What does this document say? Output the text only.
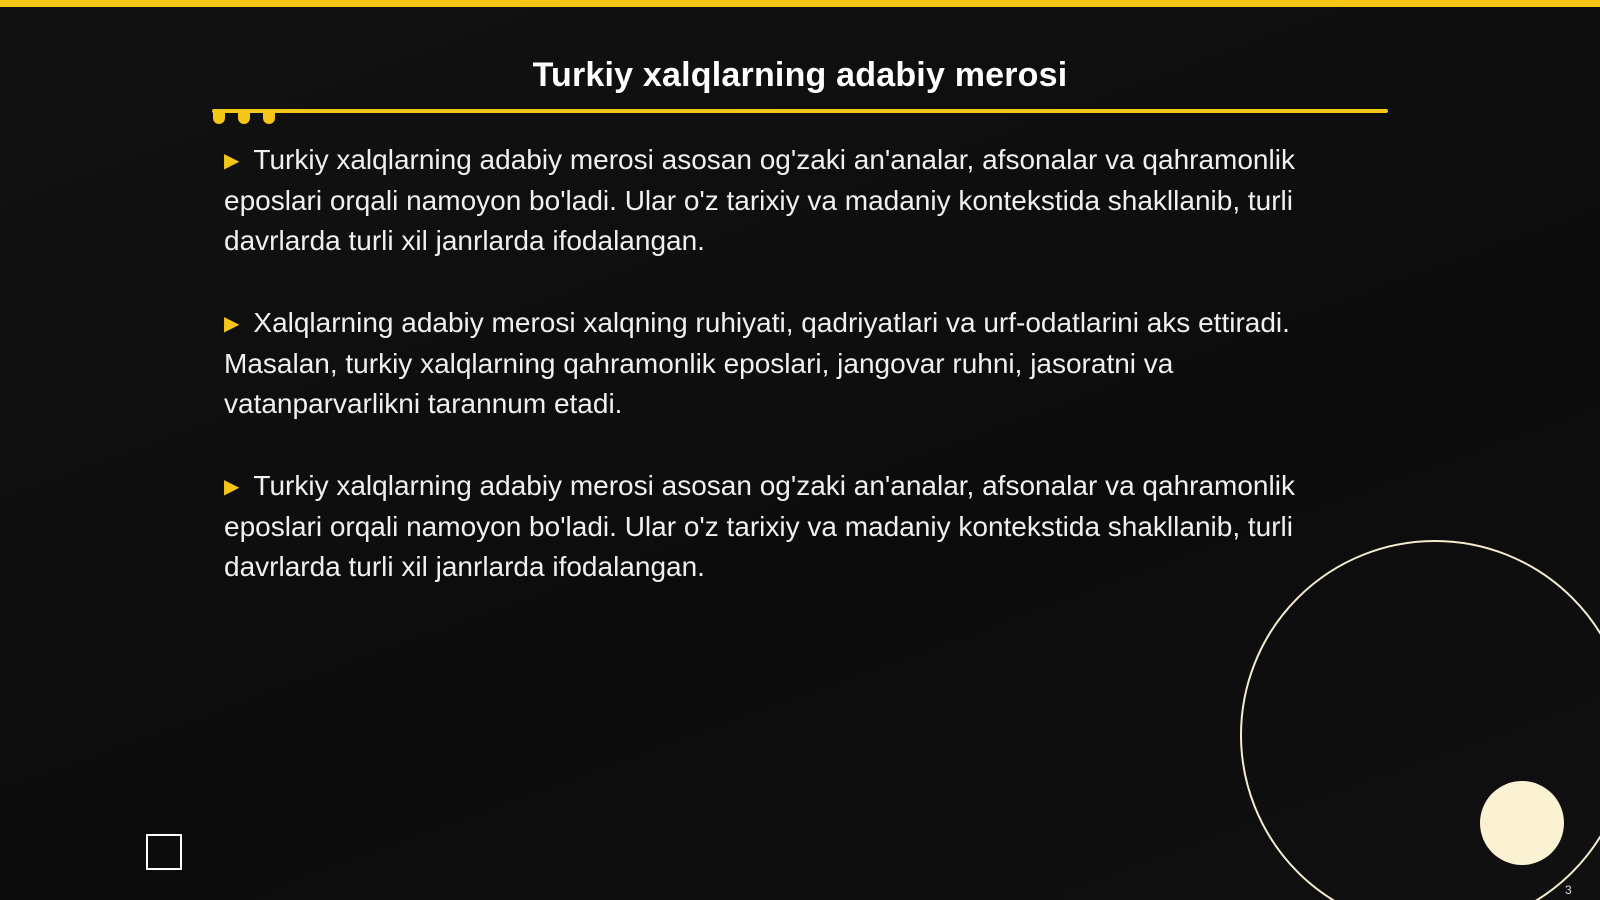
Turkiy xalqlarning adabiy merosi

▶ Turkiy xalqlarning adabiy merosi asosan og'zaki an'analar, afsonalar va qahramonlik eposlari orqali namoyon bo'ladi. Ular o'z tarixiy va madaniy kontekstida shakllanib, turli davrlarda turli xil janrlarda ifodalangan.

▶ Xalqlarning adabiy merosi xalqning ruhiyati, qadriyatlari va urf-odatlarini aks ettiradi. Masalan, turkiy xalqlarning qahramonlik eposlari, jangovar ruhni, jasoratni va vatanparvarlikni tarannum etadi.

▶ Turkiy xalqlarning adabiy merosi asosan og'zaki an'analar, afsonalar va qahramonlik eposlari orqali namoyon bo'ladi. Ular o'z tarixiy va madaniy kontekstida shakllanib, turli davrlarda turli xil janrlarda ifodalangan.

3
